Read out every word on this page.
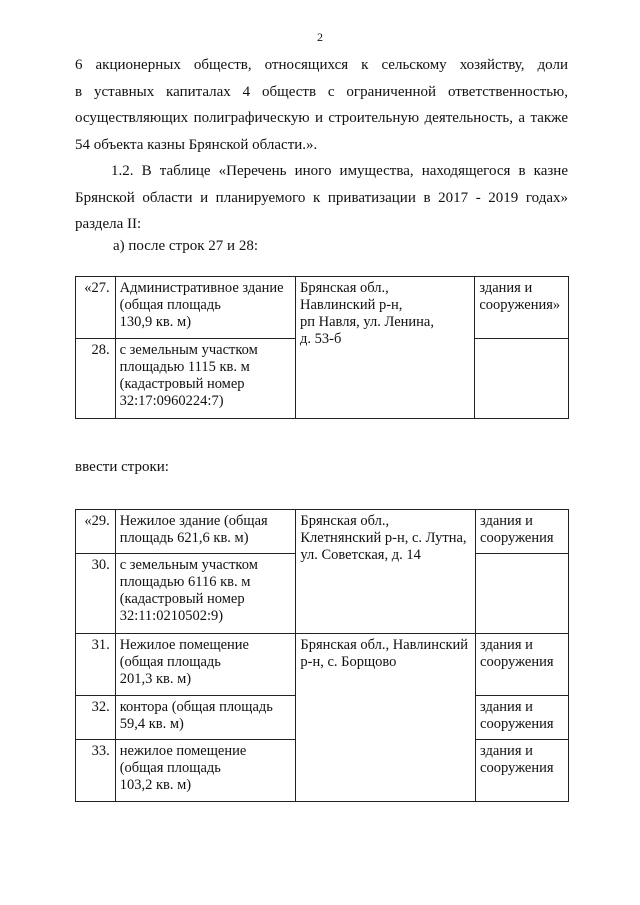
2
6 акционерных обществ, относящихся к сельскому хозяйству, доли
в уставных капиталах 4 обществ с ограниченной ответственностью,
осуществляющих полиграфическую и строительную деятельность, а также
54 объекта казны Брянской области.».
1.2. В таблице «Перечень иного имущества, находящегося в казне
Брянской области и планируемого к приватизации в 2017 - 2019 годах»
раздела II:
а) после строк 27 и 28:
«27.	Административное здание
(общая площадь
130,9 кв. м)	Брянская обл.,
Навлинский р-н,
рп Навля, ул. Ленина,
д. 53-б	здания и
сооружения»

28.	с земельным участком
площадью 1115 кв. м
(кадастровый номер
32:17:0960224:7)		

ввести строки:
«29.	Нежилое здание (общая
площадь 621,6 кв. м)	Брянская обл.,
Клетнянский р-н, с. Лутна,
ул. Советская, д. 14	здания и
сооружения

30.	с земельным участком
площадью 6116 кв. м
(кадастровый номер
32:11:0210502:9)		

31.	Нежилое помещение
(общая площадь
201,3 кв. м)	Брянская обл., Навлинский
р-н, с. Борщово	здания и
сооружения

32.	контора (общая площадь
59,4 кв. м)		здания и
сооружения

33.	нежилое помещение
(общая площадь
103,2 кв. м)		здания и
сооружения
